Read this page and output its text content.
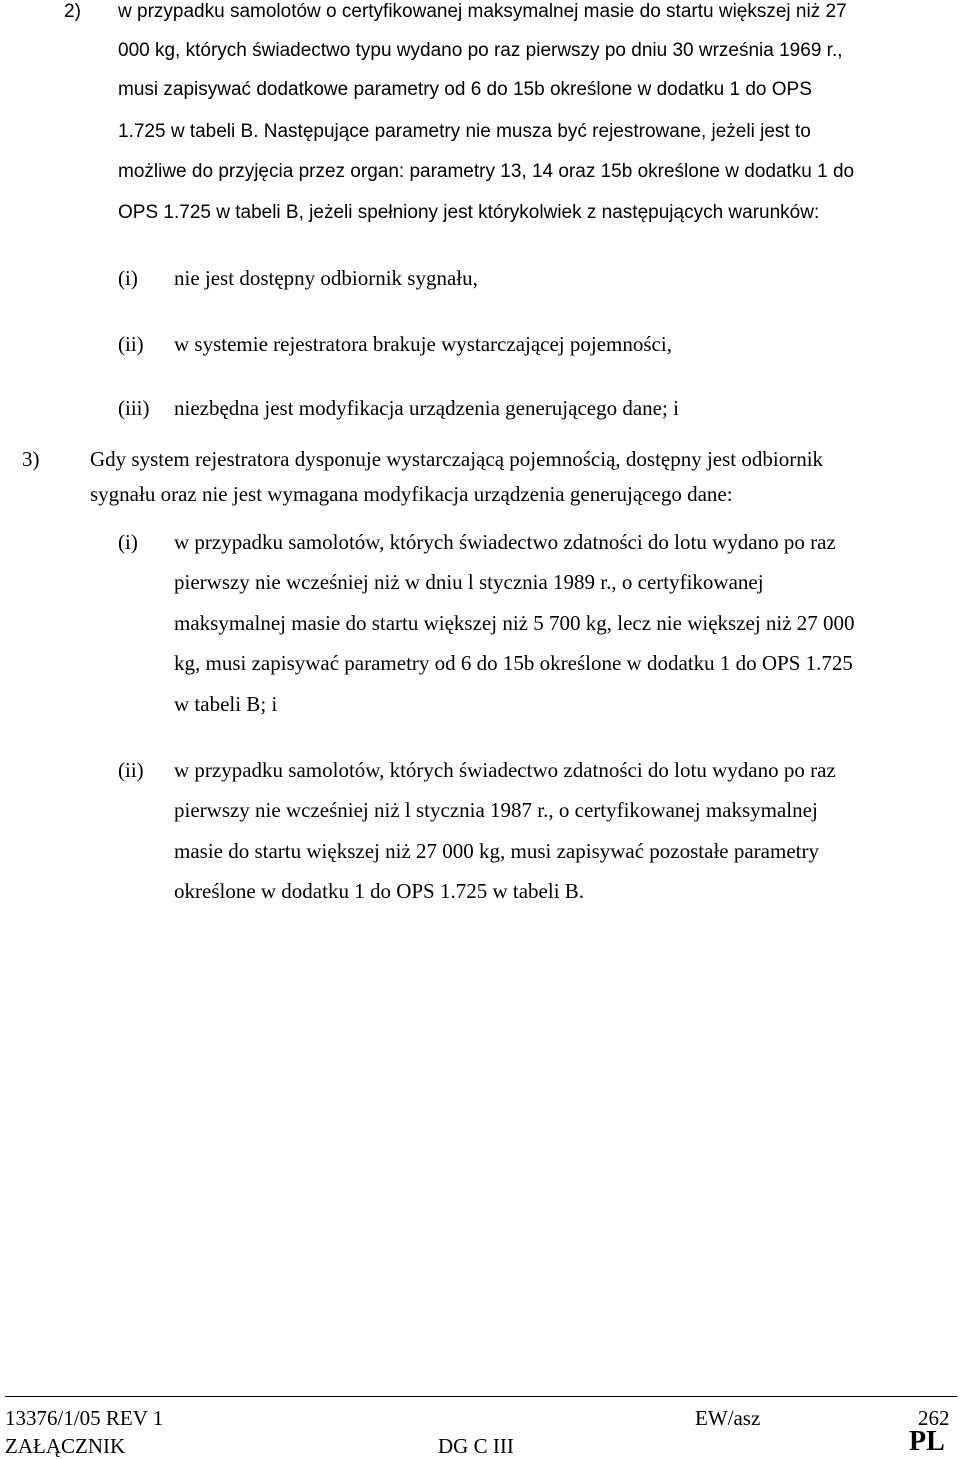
2) w przypadku samolotów o certyfikowanej maksymalnej masie do startu większej niż 27
000 kg, których świadectwo typu wydano po raz pierwszy po dniu 30 września 1969 r.,
musi zapisywać dodatkowe parametry od 6 do 15b określone w dodatku 1 do OPS
1.725 w tabeli B. Następujące parametry nie musza być rejestrowane, jeżeli jest to
możliwe do przyjęcia przez organ: parametry 13, 14 oraz 15b określone w dodatku 1 do
OPS 1.725 w tabeli B, jeżeli spełniony jest którykolwiek z następujących warunków:
(i) nie jest dostępny odbiornik sygnału,
(ii) w systemie rejestratora brakuje wystarczającej pojemności,
(iii) niezbędna jest modyfikacja urządzenia generującego dane; i
3) Gdy system rejestratora dysponuje wystarczającą pojemnością, dostępny jest odbiornik
sygnału oraz nie jest wymagana modyfikacja urządzenia generującego dane:
(i) w przypadku samolotów, których świadectwo zdatności do lotu wydano po raz
pierwszy nie wcześniej niż w dniu l stycznia 1989 r., o certyfikowanej
maksymalnej masie do startu większej niż 5 700 kg, lecz nie większej niż 27 000
kg, musi zapisywać parametry od 6 do 15b określone w dodatku 1 do OPS 1.725
w tabeli B; i
(ii) w przypadku samolotów, których świadectwo zdatności do lotu wydano po raz
pierwszy nie wcześniej niż l stycznia 1987 r., o certyfikowanej maksymalnej
masie do startu większej niż 27 000 kg, musi zapisywać pozostałe parametry
określone w dodatku 1 do OPS 1.725 w tabeli B.
13376/1/05 REV 1	EW/asz	262
ZAŁĄCZNIK	DG C III	PL
